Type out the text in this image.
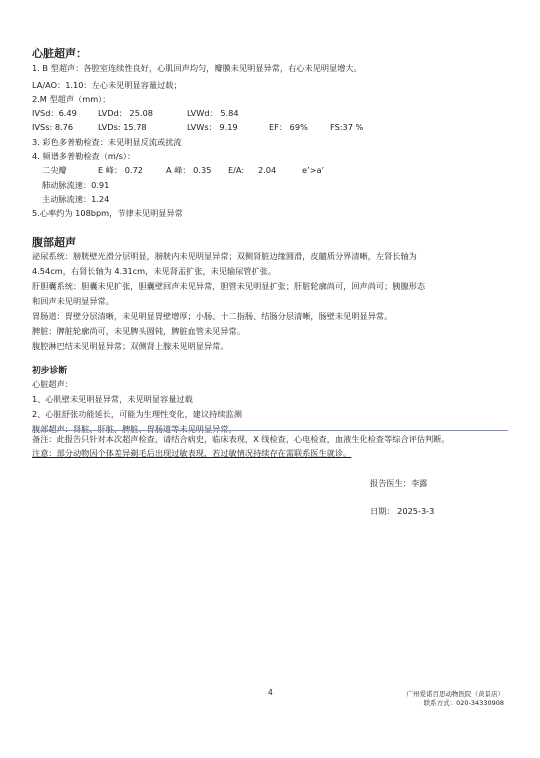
心脏超声：
1. B 型超声：各腔室连续性良好，心肌回声均匀，瓣膜未见明显异常，右心未见明显增大。
LA/AO：1.10：左心未见明显容量过载；
2.M 型超声（mm）：
IVSd：6.49	LVDd： 25.08	LVWd： 5.84
IVSs: 8.76	LVDs: 15.78	LVWs： 9.19	EF： 69%	FS:37 %
3. 彩色多普勒检查：未见明显反流或扰流
4. 频谱多普勒检查（m/s）：
二尖瓣	E 峰： 0.72	A 峰： 0.35 E/A: 2.04	e’>a’
肺动脉流速：0.91
主动脉流速：1.24
5.心率约为 108bpm，节律未见明显异常
腹部超声
泌尿系统：膀胱壁光滑分层明显，膀胱内未见明显异常；双侧肾脏边缘圆滑，皮髓质分界清晰，左肾长轴为
4.54cm，右肾长轴为 4.31cm，未见肾盂扩张，未见输尿管扩张。
肝胆囊系统：胆囊未见扩张，胆囊壁回声未见异常，胆管未见明显扩张；肝脏轮廓尚可，回声尚可；胰腺形态
和回声未见明显异常。
胃肠道：胃壁分层清晰，未见明显胃壁增厚；小肠、十二指肠、结肠分层清晰，肠壁未见明显异常。
脾脏：脾脏轮廓尚可，未见脾头圆钝，脾脏血管未见异常。
腹腔淋巴结未见明显异常；双侧肾上腺未见明显异常。
初步诊断
心脏超声：
1、心肌壁未见明显异常，未见明显容量过载
2、心脏舒张功能延长，可能为生理性变化，建议持续监测
腹部超声：肾脏、肝脏、脾脏、胃肠道等未见明显异常。
备注：此报告只针对本次超声检查，请结合病史，临床表现，X 线检查，心电检查，血液生化检查等综合评估判断。
注意：部分动物因个体差异剃毛后出现过敏表现，若过敏情况持续存在需联系医生就诊。
报告医生：李露
日期： 2025-3-3
4	广州爱诺百思动物医院（黄景店）
联系方式：020-34330908
